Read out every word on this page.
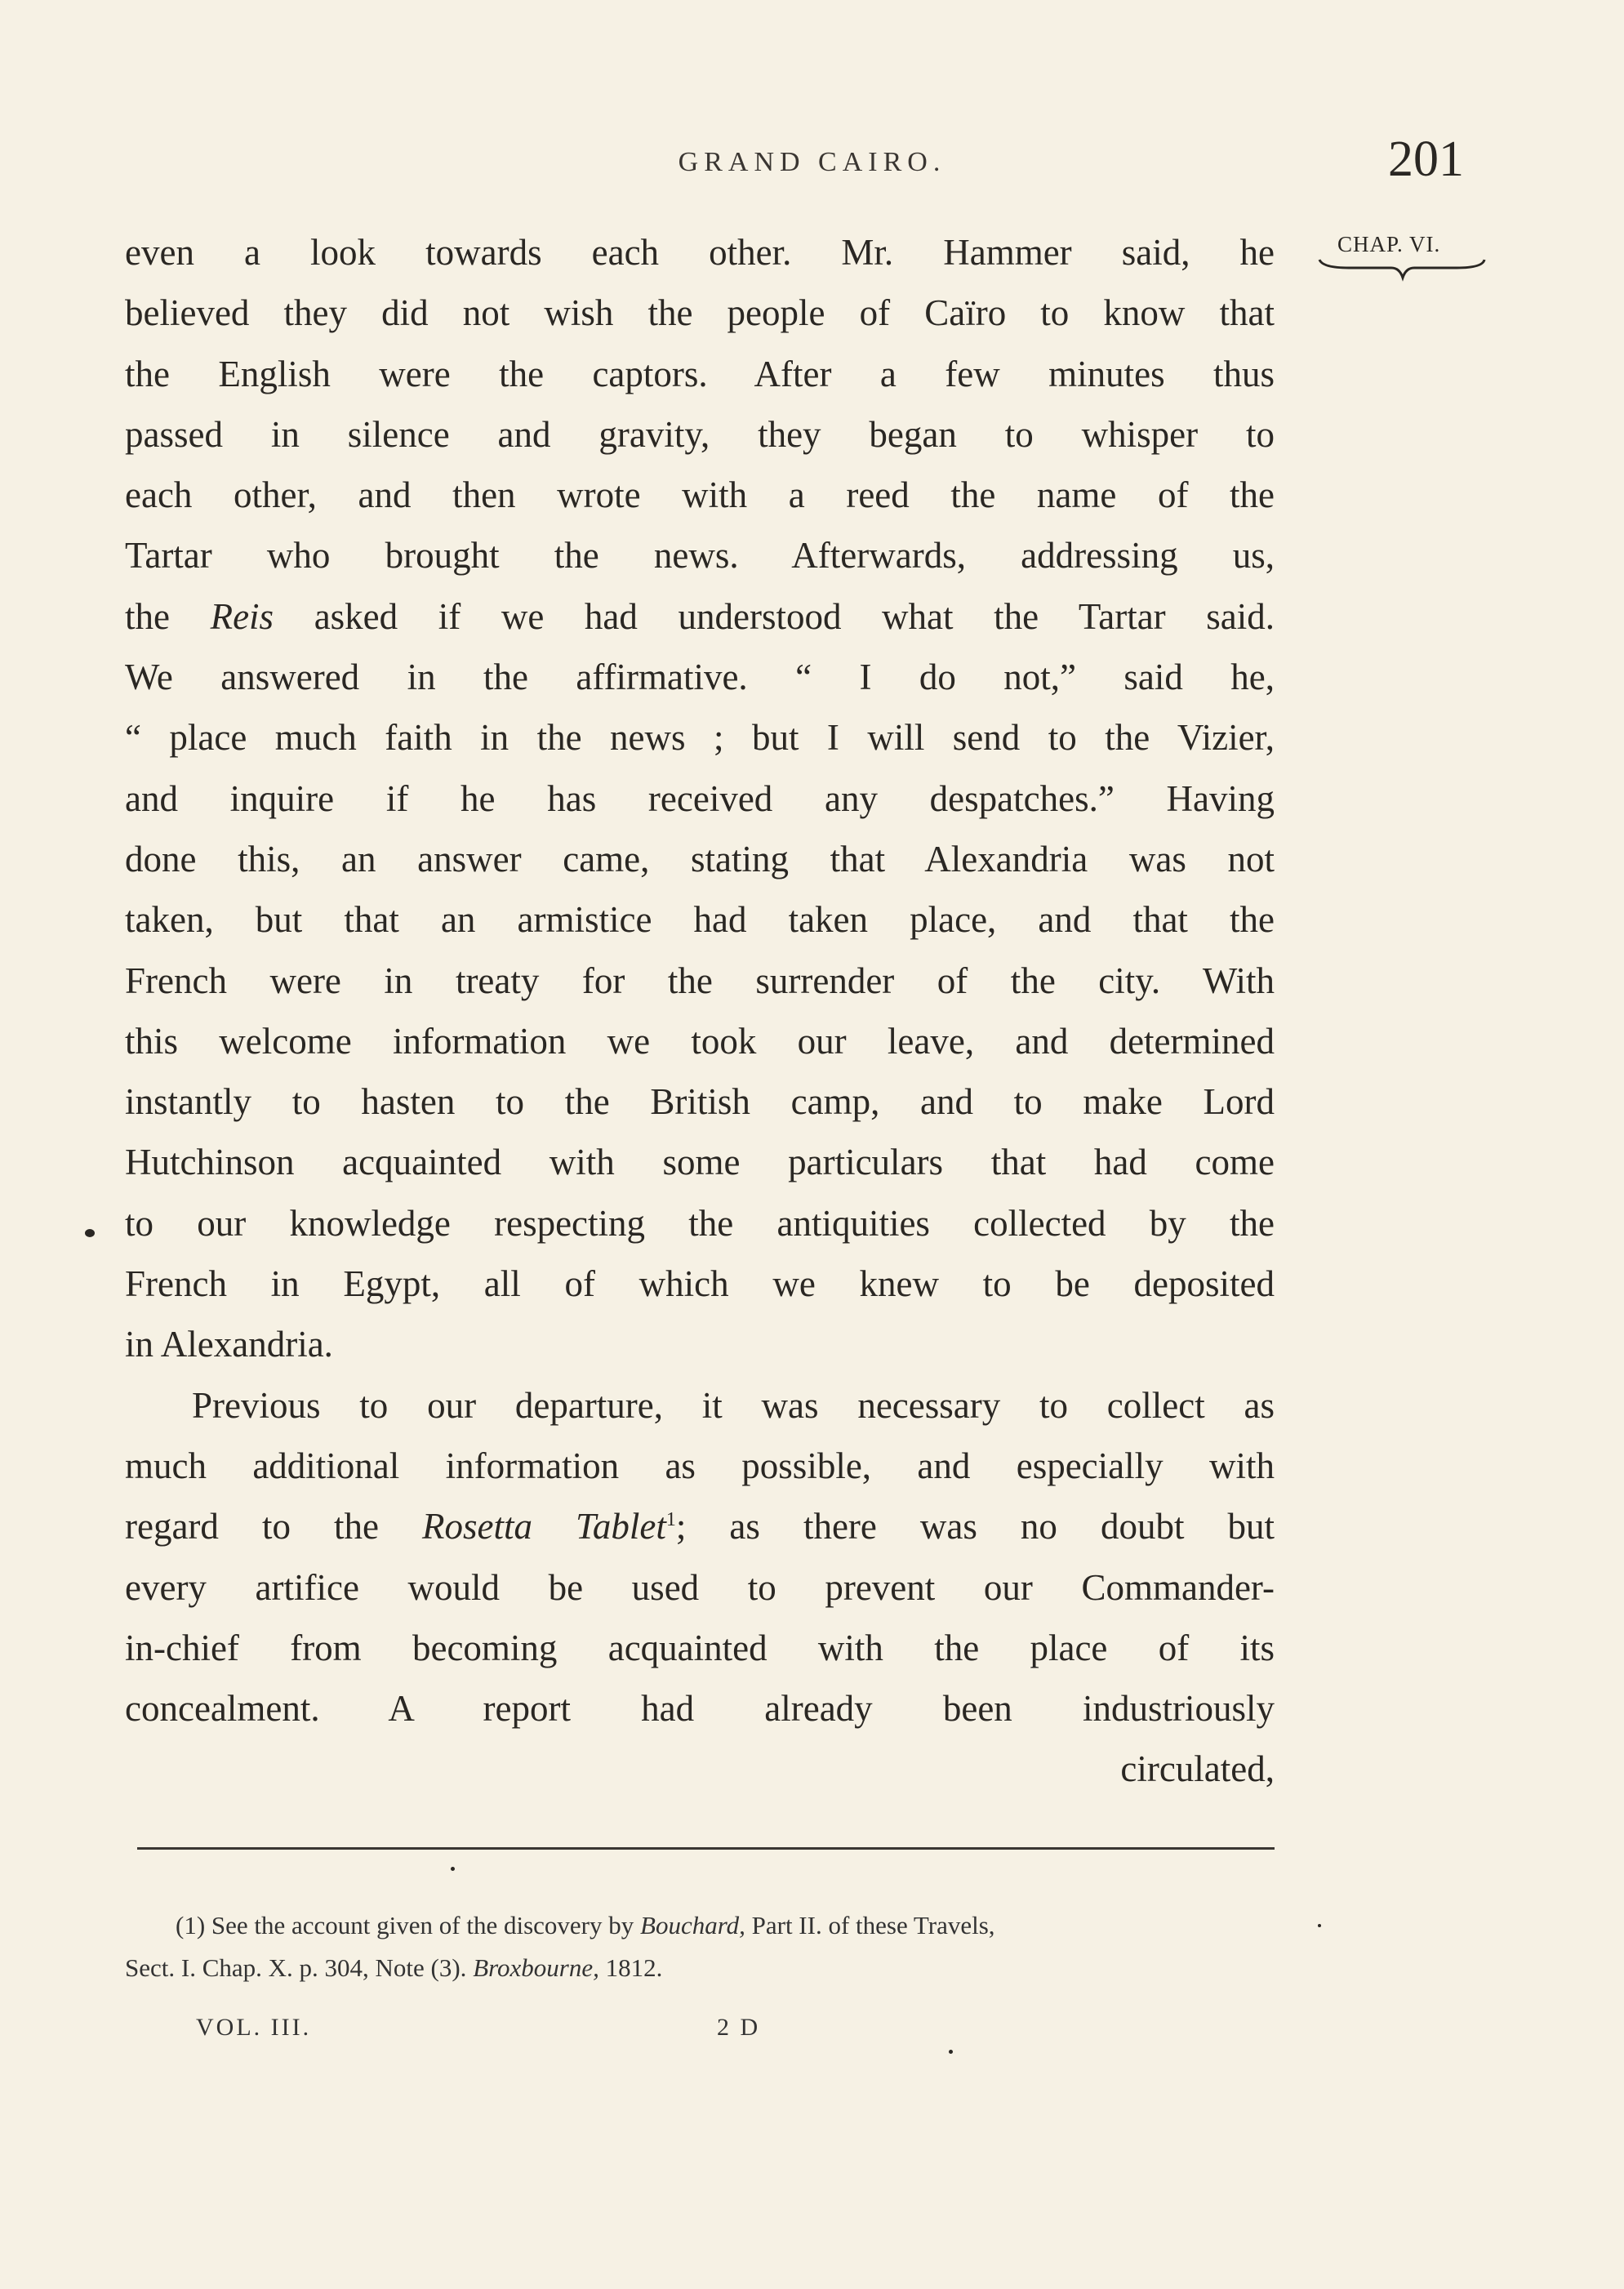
GRAND CAIRO.	201
CHAP. VI.
even a look towards each other. Mr. Hammer said, he
believed they did not wish the people of Caïro to know that
the English were the captors. After a few minutes thus
passed in silence and gravity, they began to whisper to
each other, and then wrote with a reed the name of the
Tartar who brought the news. Afterwards, addressing us,
the Reis asked if we had understood what the Tartar said.
We answered in the affirmative. “ I do not,” said he,
“ place much faith in the news ; but I will send to the Vizier,
and inquire if he has received any despatches.” Having
done this, an answer came, stating that Alexandria was not
taken, but that an armistice had taken place, and that the
French were in treaty for the surrender of the city. With
this welcome information we took our leave, and determined
instantly to hasten to the British camp, and to make Lord
Hutchinson acquainted with some particulars that had come
to our knowledge respecting the antiquities collected by the
French in Egypt, all of which we knew to be deposited
in Alexandria.
Previous to our departure, it was necessary to collect as
much additional information as possible, and especially with
regard to the Rosetta Tablet$^1$; as there was no doubt but
every artifice would be used to prevent our Commander-
in-chief from becoming acquainted with the place of its
concealment. A report had already been industriously
circulated,
(1) See the account given of the discovery by Bouchard, Part II. of these Travels,
Sect. I. Chap. X. p. 304, Note (3). Broxbourne, 1812.
VOL. III.	2 D
